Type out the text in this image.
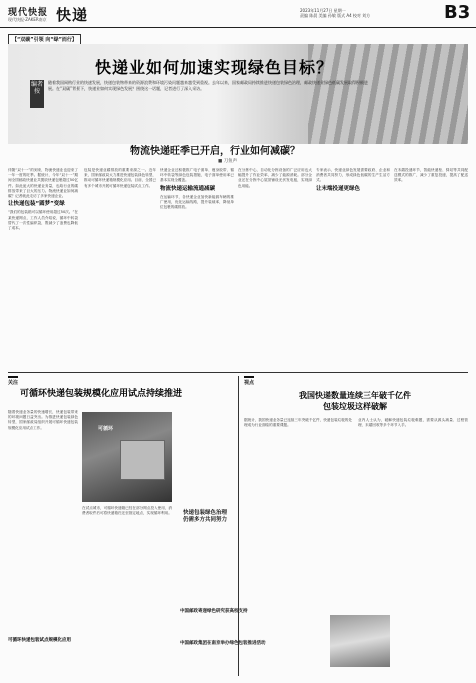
现代快报
现代快报·ZAKER南京 快递	2023年11月27日 星期一
责编 陈晨 美编 孙敏 版式 A4 校对 刘方	B3
【“双碳”引领 向“绿”而行】
快递业如何加速实现绿色目标？
编者按
随着我国网购行业的快速发展，快递包装物带来的资源浪费和环境污染问题越来越受到重视。去年以来，国家邮政局持续推进快递包装绿色治理，邮政快递业绿色低碳发展取得积极进展。在“双碳”背景下，快递业如何实现绿色发展？围绕这一话题，记者进行了深入采访。
物流快递旺季已开启，行业如何减碳？
■ 刀鱼声

伴随“双十一”的到来，物流快递业也迎来了一年一度的旺季。据统计，今年“双十一”期间全国邮政快递业共揽收快递包裹超过50亿件。如此庞大的快递业务量，也给行业的碳排放带来了巨大的压力。物流快递业如何减碳？记者就此走访了多家快递企业。

让快递包装“圆梦”变绿

“我们的包装箱可以循环使用超过50次。”在某快递网点，工作人员介绍说，循环中转袋替代了一次性编织袋，既减少了浪费也降低了成本。

包装是快递业碳排放的重要来源之一。近年来，国家邮政局大力推进快递包装绿色转型，推动可循环快递箱规模化应用。目前，全国已有多个城市开展可循环快递包装试点工作。

快递企业还积极推广电子面单、瘦身胶带、循环中转袋等绿色包装措施，电子面单使用率已基本实现全覆盖。

物流快递运输流通减碳

在运输环节，各快递企业加快新能源车辆的推广使用，优化运输线路，提升装载率，降低单位包裹的碳排放。

在分拣中心，自动化分拣设备的广泛应用也大幅提升了作业效率，减少了能源消耗。部分企业还在分拣中心屋顶铺设光伏发电板，实现绿色用能。

专家表示，快递业绿色发展需要政府、企业和消费者共同努力，形成绿色低碳的生产生活方式。

让末端投递更绿色

在末端投递环节，智能快递柜、驿站等共同配送模式的推广，减少了重复投递，提高了配送效率。

关注	视点
可循环快递包装规模化应用试点持续推进
可循环
快递包装绿色治理
仍需多方共同努力

随着快递业务量的快速增长，快递包装带来的环境问题日益突出。为推进快递包装绿色转型，国家邮政局组织开展可循环快递包装规模化应用试点工作。

可循环快递包装试点规模化应用

在试点城市，可循环快递箱已经在部分网点投入使用，消费者取件后可将快递箱归还至指定地点，实现循环利用。

我国快递数量连续三年破千亿件
包装垃圾这样破解

据统计，我国快递业务量已连续三年突破千亿件，快递包装垃圾的处理成为行业面临的重要课题。

业内人士认为，破解快递包装垃圾难题，需要从源头减量、过程管理、末端回收等多个环节入手。

中国邮政寄递绿色研究获高校支持
中国邮政集团在南京举办绿色包装推进活动
